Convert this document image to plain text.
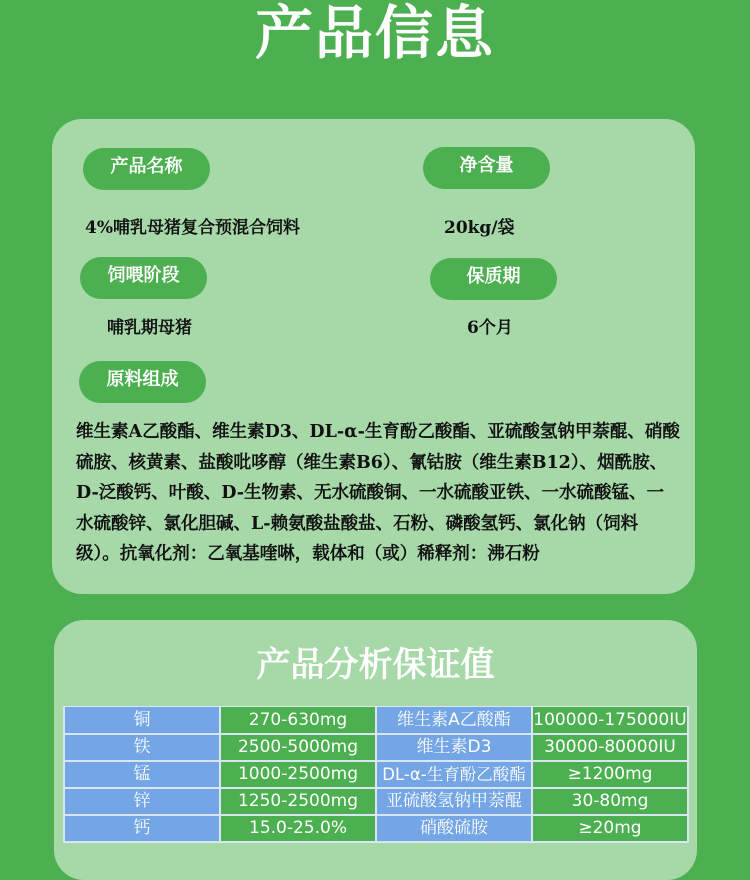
产品信息
产品名称	净含量
4%哺乳母猪复合预混合饲料	20kg/袋
饲喂阶段	保质期
哺乳期母猪	6个月
原料组成
维生素A乙酸酯、维生素D3、DL-α-生育酚乙酸酯、亚硫酸氢钠甲萘醌、硝酸硫胺、核黄素、盐酸吡哆醇（维生素B6）、氰钴胺（维生素B12）、烟酰胺、D-泛酸钙、叶酸、D-生物素、无水硫酸铜、一水硫酸亚铁、一水硫酸锰、一水硫酸锌、氯化胆碱、L-赖氨酸盐酸盐、石粉、磷酸氢钙、氯化钠（饲料级）。抗氧化剂：乙氧基喹啉，载体和（或）稀释剂：沸石粉
产品分析保证值
铜	270-630mg	维生素A乙酸酯	100000-175000IU
铁	2500-5000mg	维生素D3	30000-80000IU
锰	1000-2500mg	DL-α-生育酚乙酸酯	≥1200mg
锌	1250-2500mg	亚硫酸氢钠甲萘醌	30-80mg
钙	15.0-25.0%	硝酸硫胺	≥20mg
